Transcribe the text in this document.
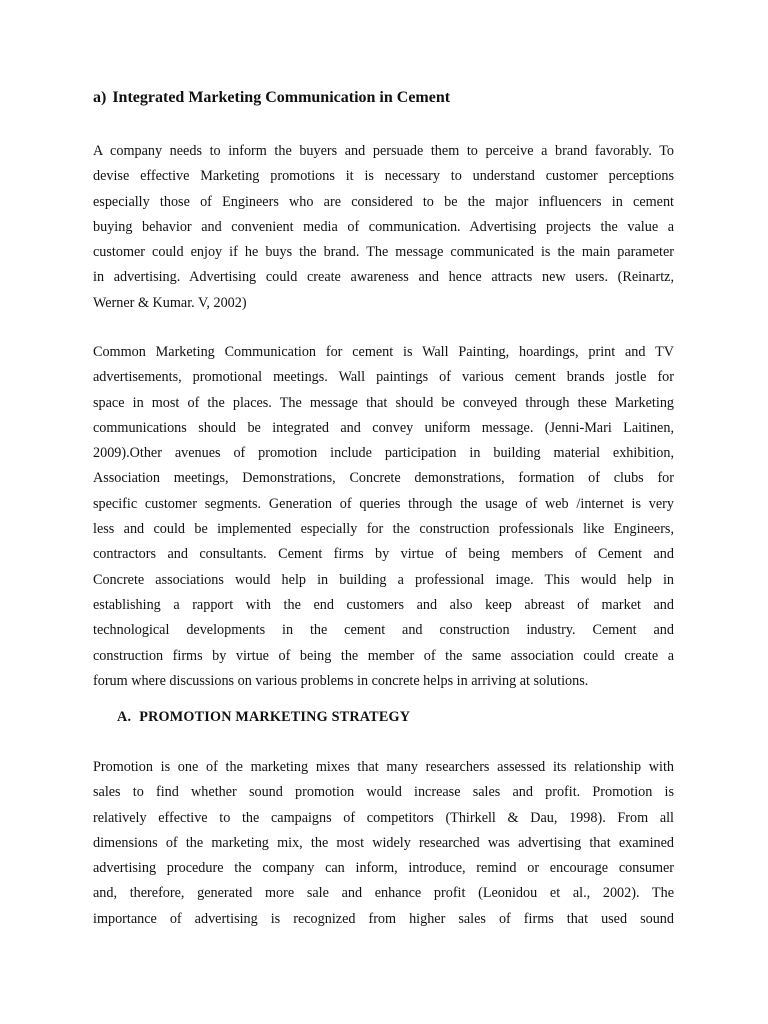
a) Integrated Marketing Communication in Cement
A company needs to inform the buyers and persuade them to perceive a brand favorably. To
devise effective Marketing promotions it is necessary to understand customer perceptions
especially those of Engineers who are considered to be the major influencers in cement
buying behavior and convenient media of communication. Advertising projects the value a
customer could enjoy if he buys the brand. The message communicated is the main parameter
in advertising. Advertising could create awareness and hence attracts new users. (Reinartz,
Werner & Kumar. V, 2002)
Common Marketing Communication for cement is Wall Painting, hoardings, print and TV
advertisements, promotional meetings. Wall paintings of various cement brands jostle for
space in most of the places. The message that should be conveyed through these Marketing
communications should be integrated and convey uniform message. (Jenni-Mari Laitinen,
2009).Other avenues of promotion include participation in building material exhibition,
Association meetings, Demonstrations, Concrete demonstrations, formation of clubs for
specific customer segments. Generation of queries through the usage of web /internet is very
less and could be implemented especially for the construction professionals like Engineers,
contractors and consultants. Cement firms by virtue of being members of Cement and
Concrete associations would help in building a professional image. This would help in
establishing a rapport with the end customers and also keep abreast of market and
technological developments in the cement and construction industry. Cement and
construction firms by virtue of being the member of the same association could create a
forum where discussions on various problems in concrete helps in arriving at solutions.
A. PROMOTION MARKETING STRATEGY
Promotion is one of the marketing mixes that many researchers assessed its relationship with
sales to find whether sound promotion would increase sales and profit. Promotion is
relatively effective to the campaigns of competitors (Thirkell & Dau, 1998). From all
dimensions of the marketing mix, the most widely researched was advertising that examined
advertising procedure the company can inform, introduce, remind or encourage consumer
and, therefore, generated more sale and enhance profit (Leonidou et al., 2002). The
importance of advertising is recognized from higher sales of firms that used sound
